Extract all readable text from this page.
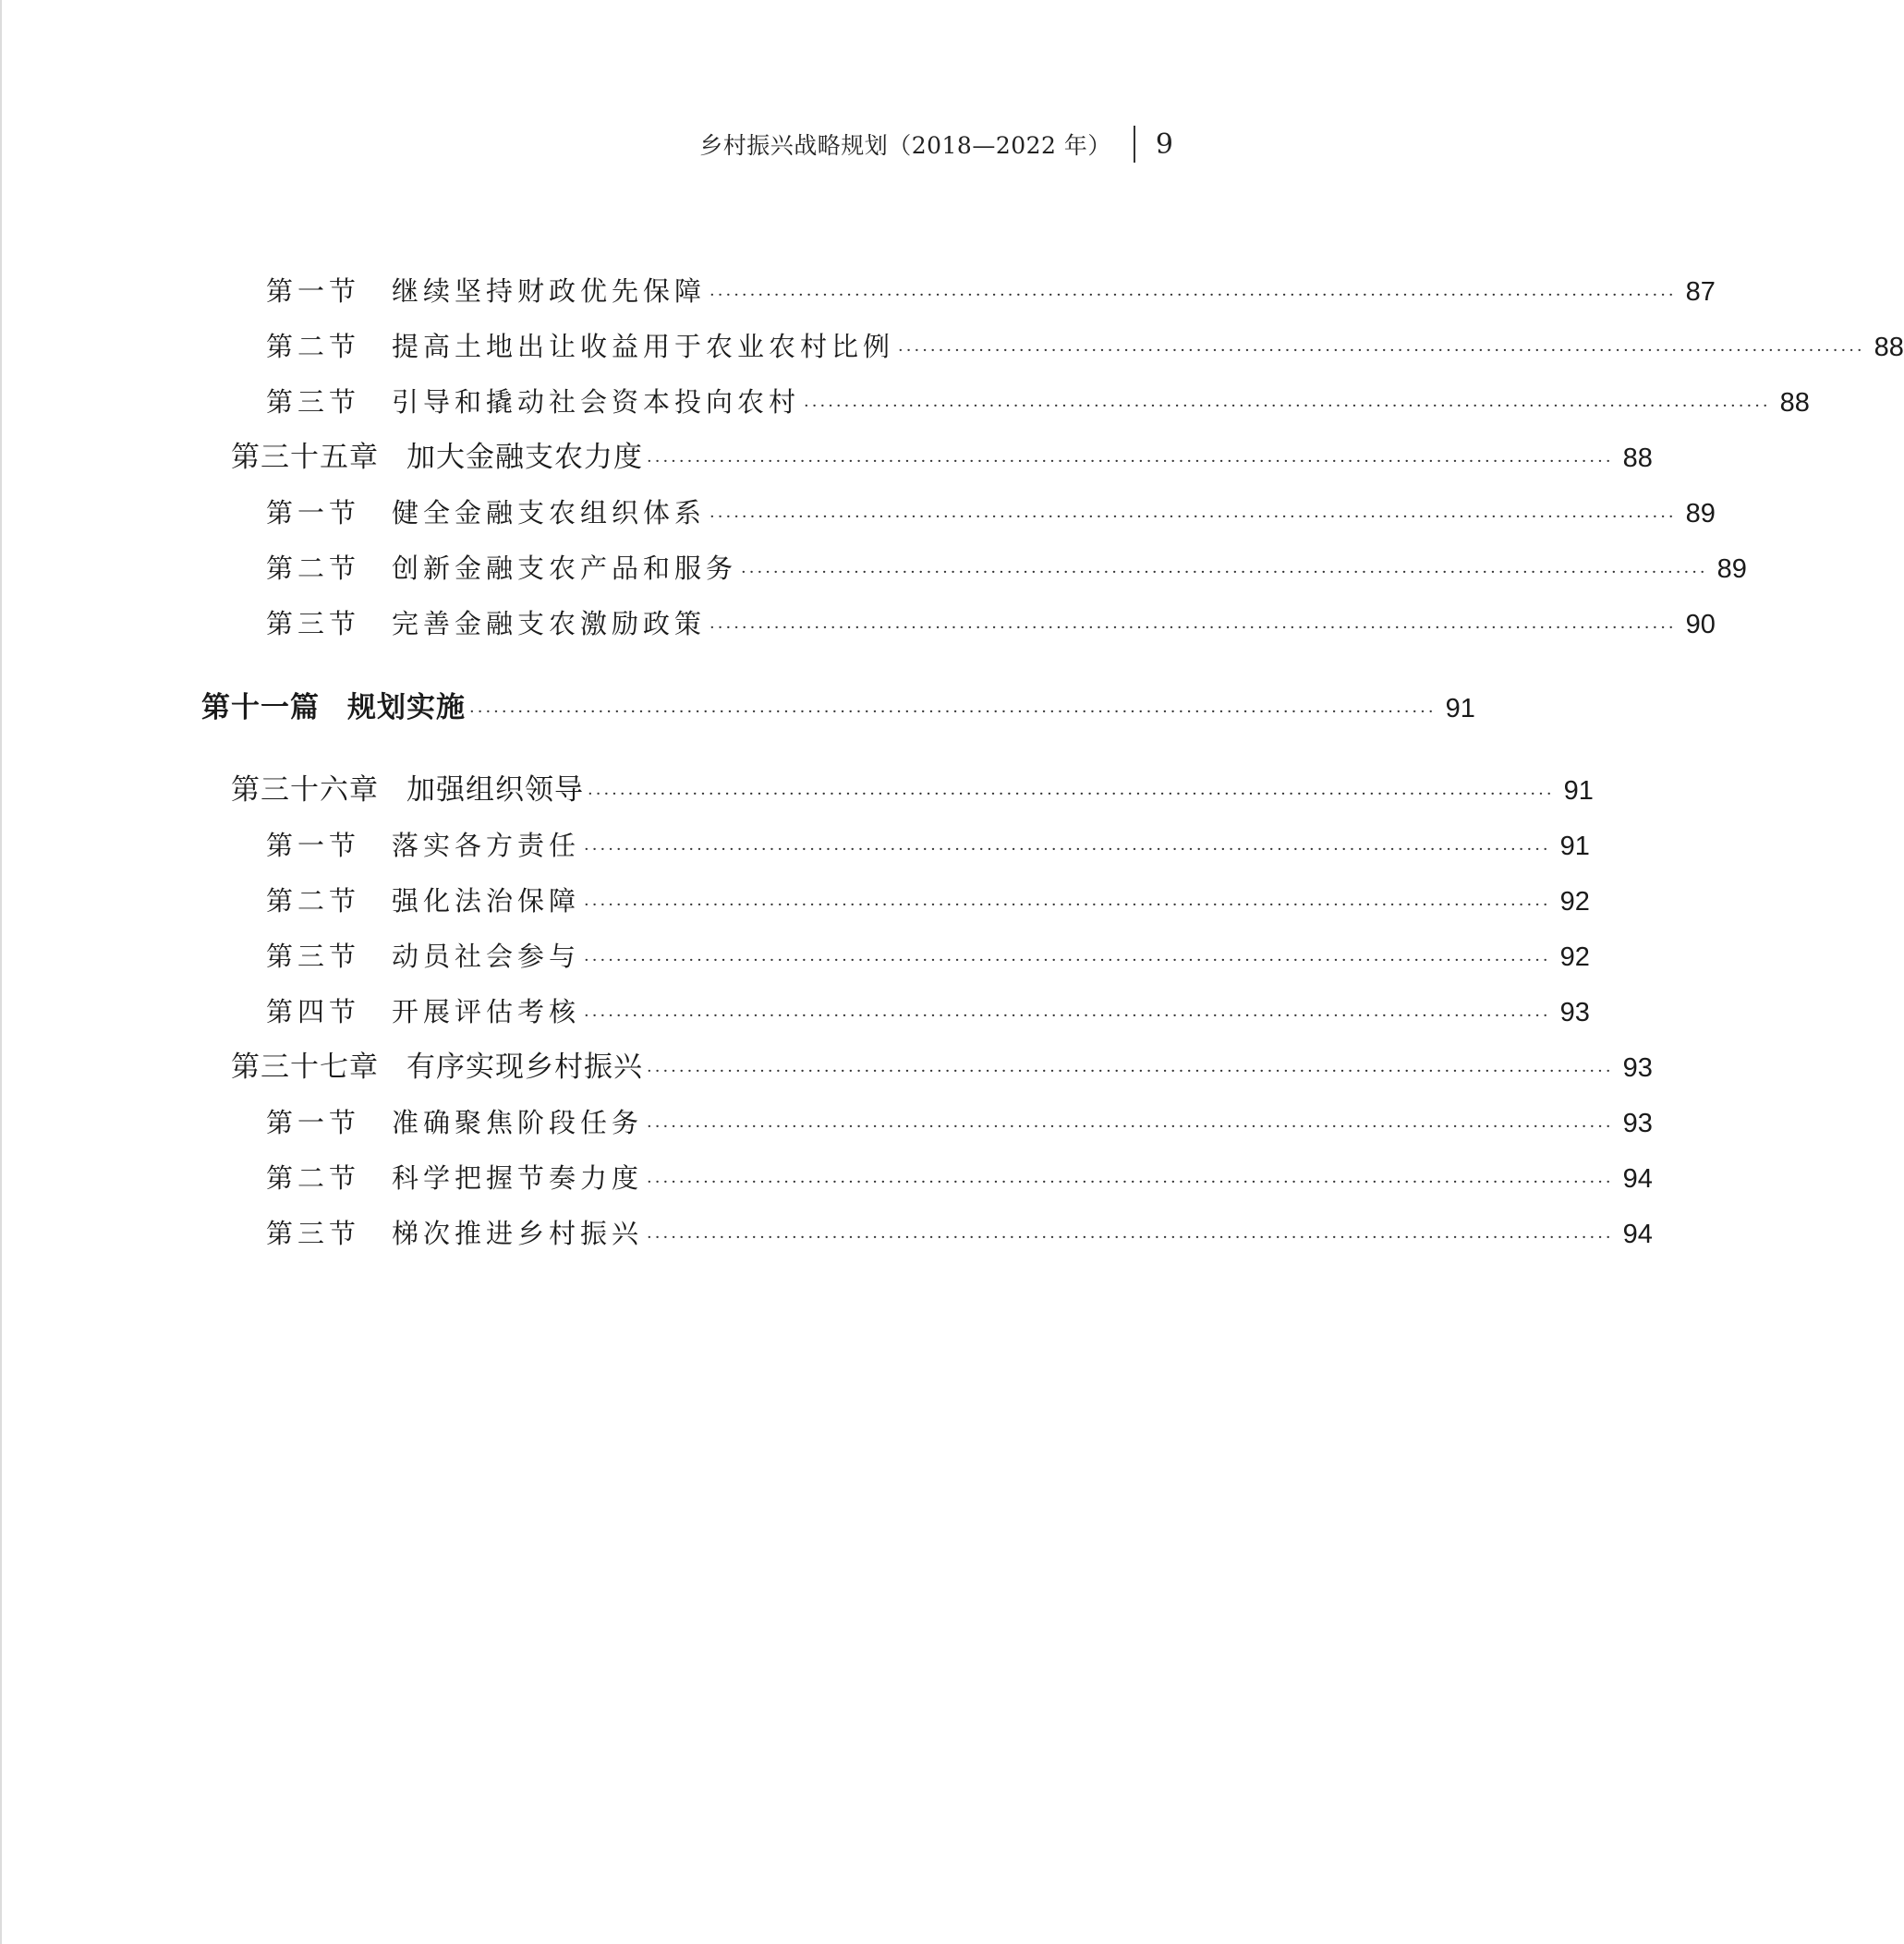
乡村振兴战略规划（2018—2022 年）	9
第一节 继续坚持财政优先保障 ························································································································ 87
第二节 提高土地出让收益用于农业农村比例 ························································································································ 88
第三节 引导和撬动社会资本投向农村 ························································································································ 88
第三十五章 加大金融支农力度 ························································································································ 88
第一节 健全金融支农组织体系 ························································································································ 89
第二节 创新金融支农产品和服务 ························································································································ 89
第三节 完善金融支农激励政策 ························································································································ 90
第十一篇 规划实施 ························································································································ 91
第三十六章 加强组织领导 ························································································································ 91
第一节 落实各方责任 ························································································································ 91
第二节 强化法治保障 ························································································································ 92
第三节 动员社会参与 ························································································································ 92
第四节 开展评估考核 ························································································································ 93
第三十七章 有序实现乡村振兴 ························································································································ 93
第一节 准确聚焦阶段任务 ························································································································ 93
第二节 科学把握节奏力度 ························································································································ 94
第三节 梯次推进乡村振兴 ························································································································ 94
